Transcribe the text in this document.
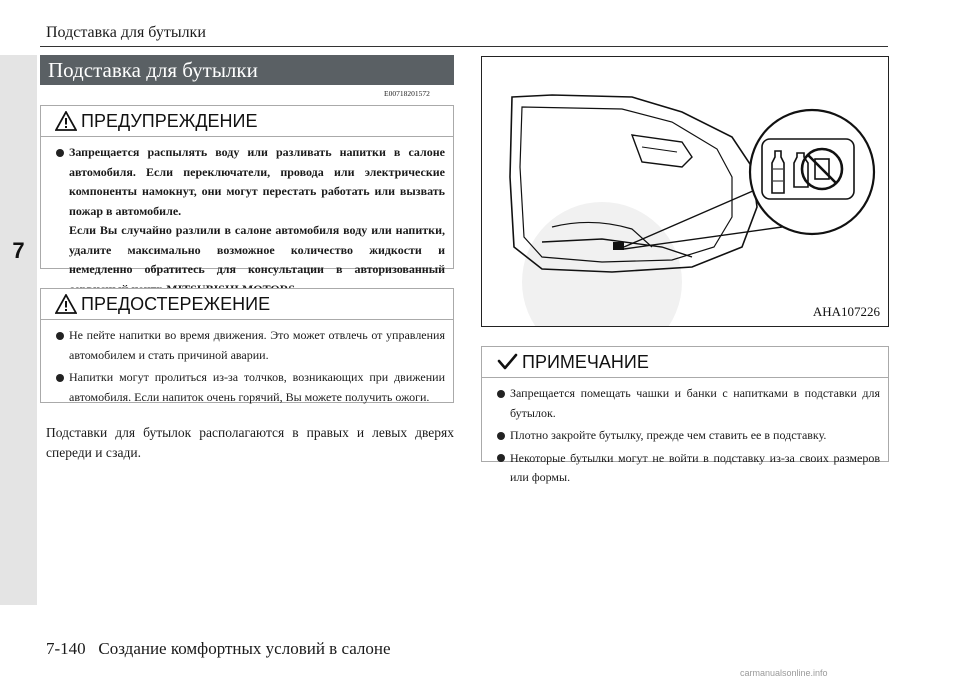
7
Подставка для бутылки
Подставка для бутылки
E00718201572
ПРЕДУПРЕЖДЕНИЕ
Запрещается распылять воду или разливать напитки в салоне автомобиля. Если переключатели, провода или электрические компоненты намокнут, они могут перестать работать или вызвать пожар в автомобиле.
Если Вы случайно разлили в салоне автомобиля воду или напитки, удалите максимально возможное количество жидкости и немедленно обратитесь для консультации в авторизованный
ПРЕДОСТЕРЕЖЕНИЕ
Не пейте напитки во время движения. Это может отвлечь от управления автомобилем и стать причиной аварии.
Напитки могут пролиться из-за толчков, возникающих при движении автомобиля. Если напиток очень горячий, Вы можете получить ожоги.
Подставки для бутылок располагаются в правых и левых дверях спереди и сзади.
AHA107226
ПРИМЕЧАНИЕ
Запрещается помещать чашки и банки с напитками в подставки для бутылок.
Плотно закройте бутылку, прежде чем ставить ее в подставку.
Некоторые бутылки могут не войти в подставку из-за своих размеров или формы.
7-140 Создание комфортных условий в салоне
carmanualsonline.info
